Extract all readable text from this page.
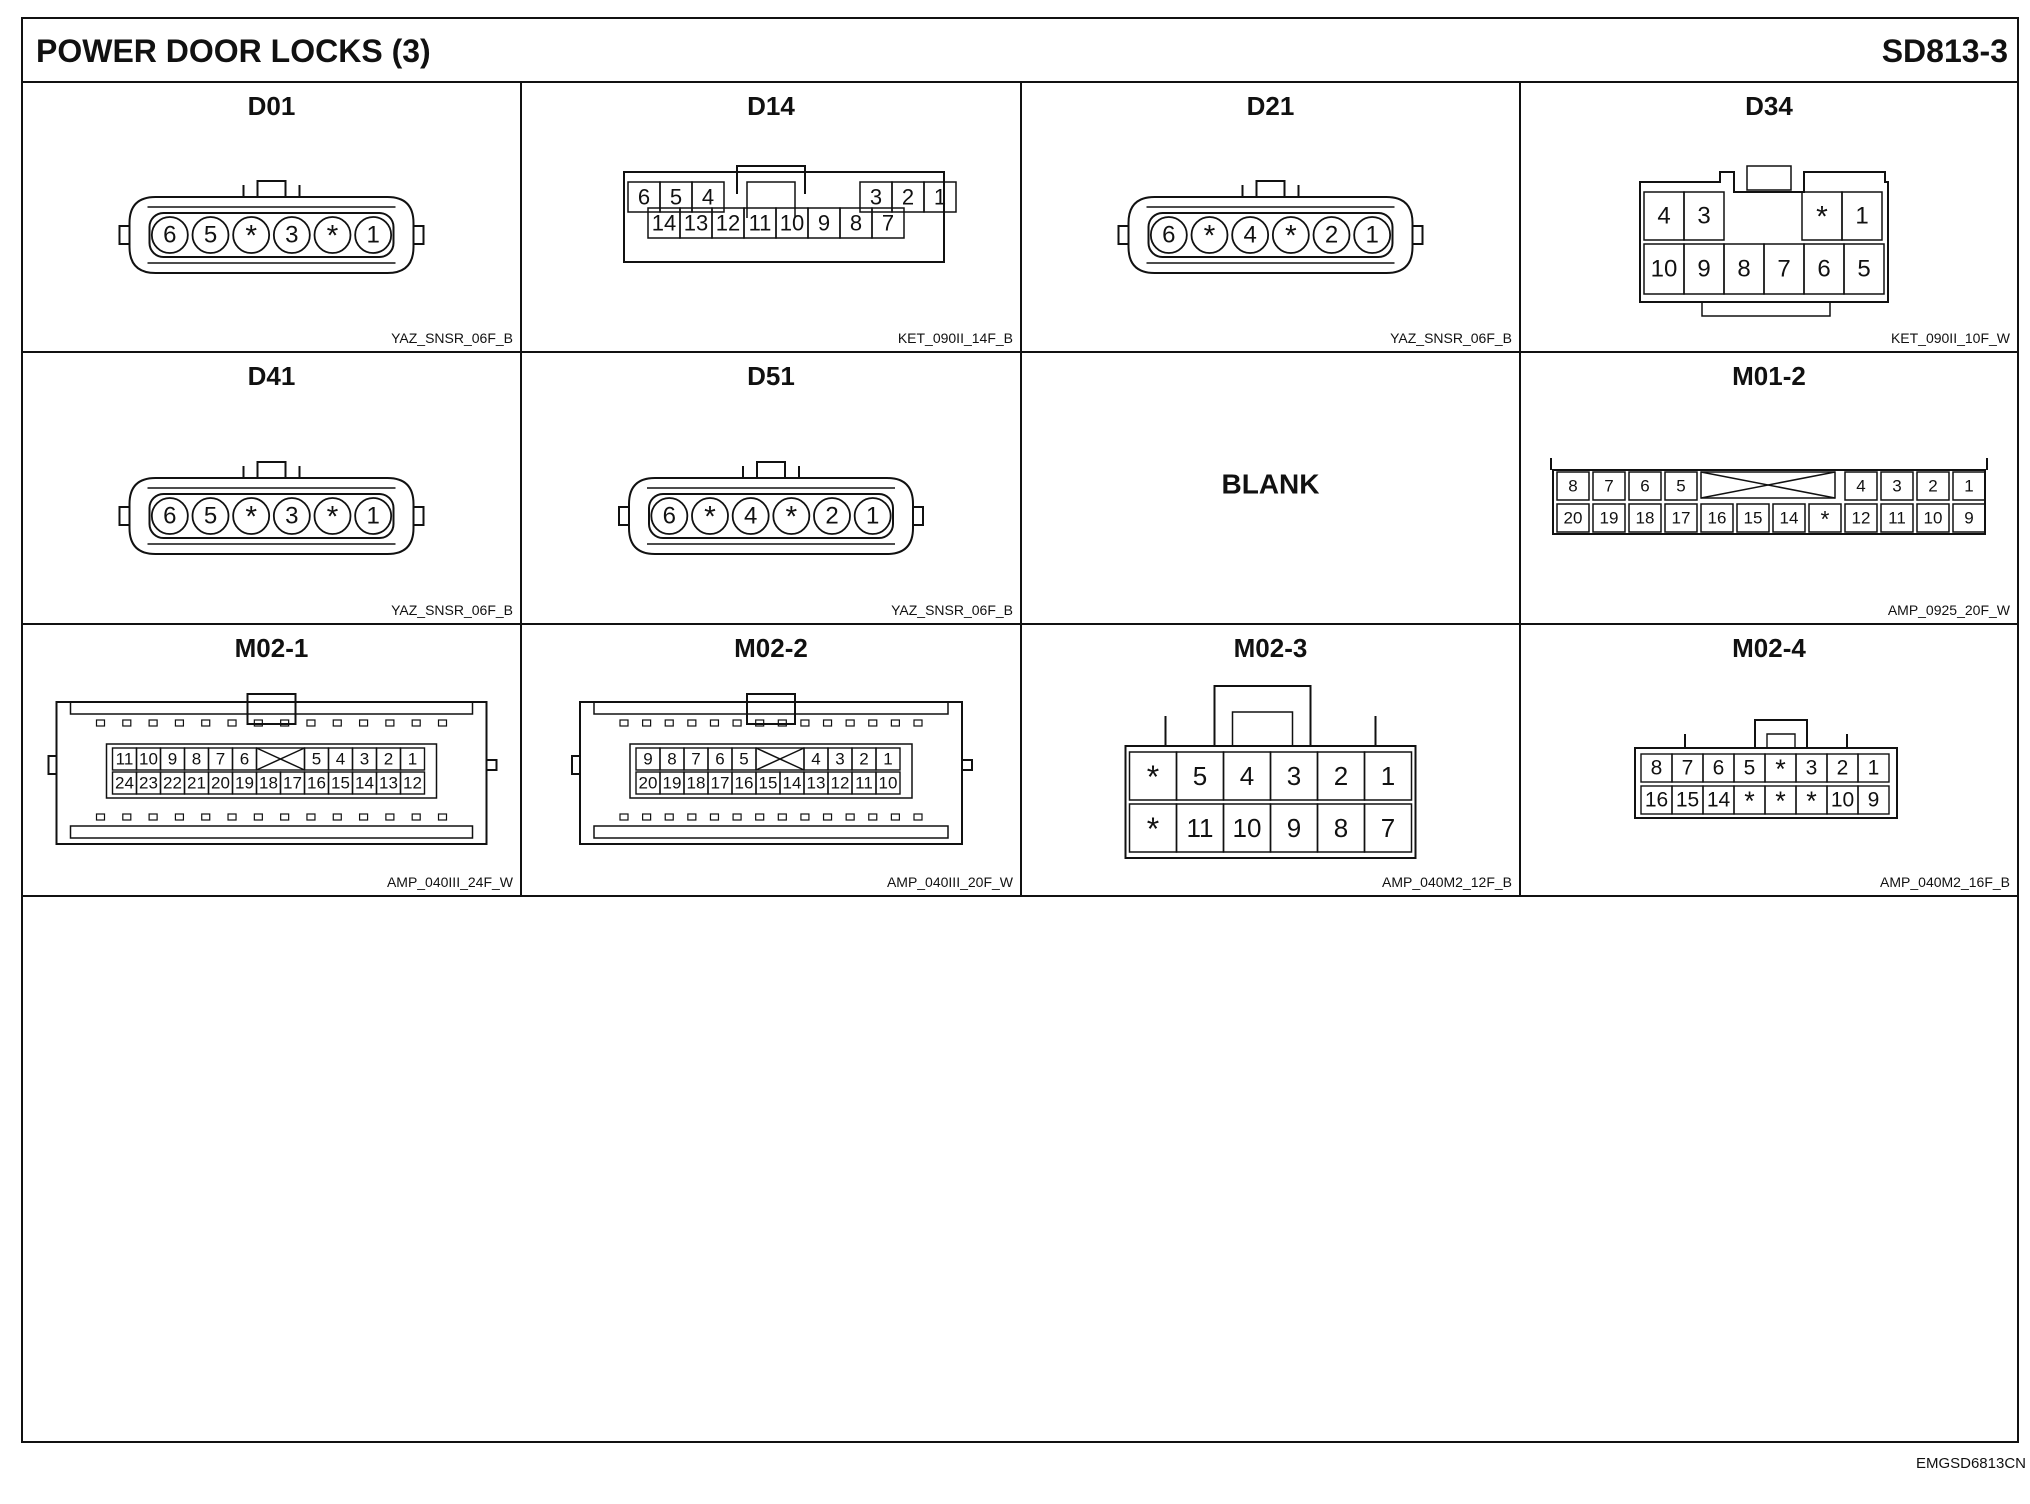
POWER DOOR LOCKS (3)	SD813-3
EMGSD6813CN
D01
YAZ_SNSR_06F_B
6 5 * 3 * 1
D14
KET_090II_14F_B
6 5 4	3 2 1
14 13 12 11 10 9 8 7
D21
YAZ_SNSR_06F_B
6 * 4 * 2 1
D34
KET_090II_10F_W
4 3	* 1
10 9 8 7 6 5
D41
YAZ_SNSR_06F_B
6 5 * 3 * 1
D51
YAZ_SNSR_06F_B
6 * 4 * 2 1
BLANK
M01-2
AMP_0925_20F_W
8 7 6 5	4 3 2 1
20 19 18 17 16 15 14 * 12 11 10 9
M02-1
AMP_040III_24F_W
11 10 9 8 7 6	5 4 3 2 1
24 23 22 21 20 19 18 17 16 15 14 13 12
M02-2
AMP_040III_20F_W
9 8 7 6 5	4 3 2 1
20 19 18 17 16 15 14 13 12 11 10
M02-3
AMP_040M2_12F_B
* 5 4 3 2 1
* 11 10 9 8 7
M02-4
AMP_040M2_16F_B
8 7 6 5 * 3 2 1
16 15 14 * * * 10 9
